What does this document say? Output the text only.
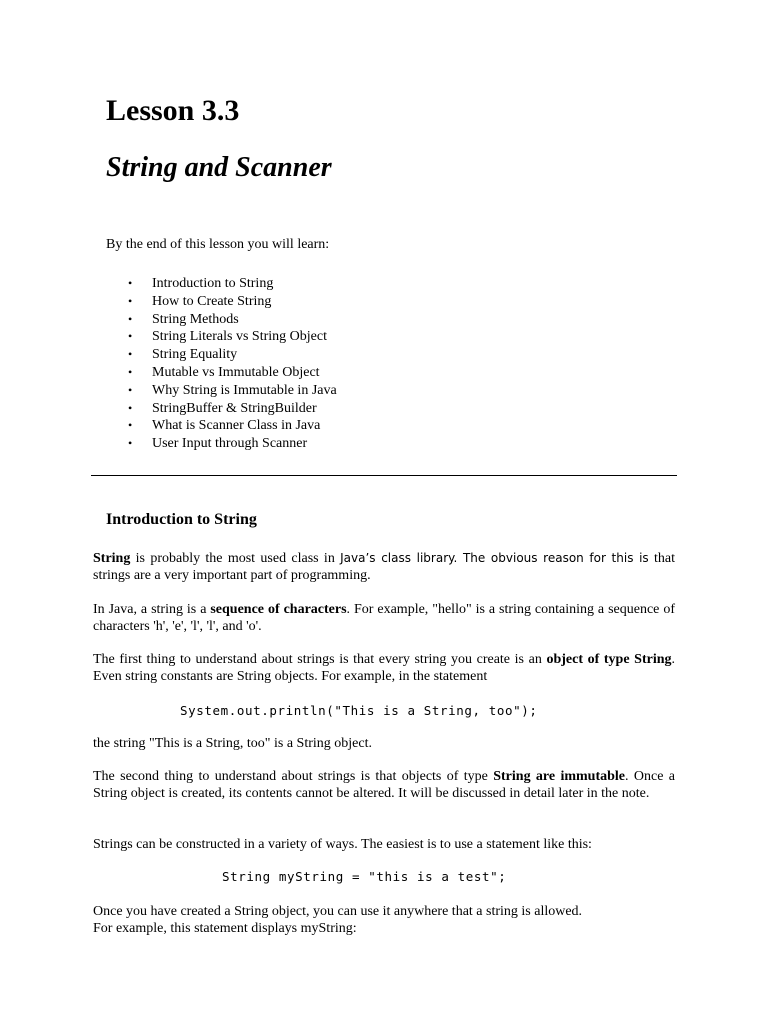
Lesson 3.3
String and Scanner

By the end of this lesson you will learn:

• Introduction to String
• How to Create String
• String Methods
• String Literals vs String Object
• String Equality
• Mutable vs Immutable Object
• Why String is Immutable in Java
• StringBuffer & StringBuilder
• What is Scanner Class in Java
• User Input through Scanner
Introduction to String

String is probably the most used class in Java’s class library. The obvious reason for this is that strings are a very important part of programming.

In Java, a string is a sequence of characters. For example, "hello" is a string containing a sequence of characters 'h', 'e', 'l', 'l', and 'o'.

The first thing to understand about strings is that every string you create is an object of type String. Even string constants are String objects. For example, in the statement

System.out.println("This is a String, too");

the string "This is a String, too" is a String object.

The second thing to understand about strings is that objects of type String are immutable. Once a String object is created, its contents cannot be altered. It will be discussed in detail later in the note.

Strings can be constructed in a variety of ways. The easiest is to use a statement like this:

String myString = "this is a test";

Once you have created a String object, you can use it anywhere that a string is allowed.
For example, this statement displays myString:
